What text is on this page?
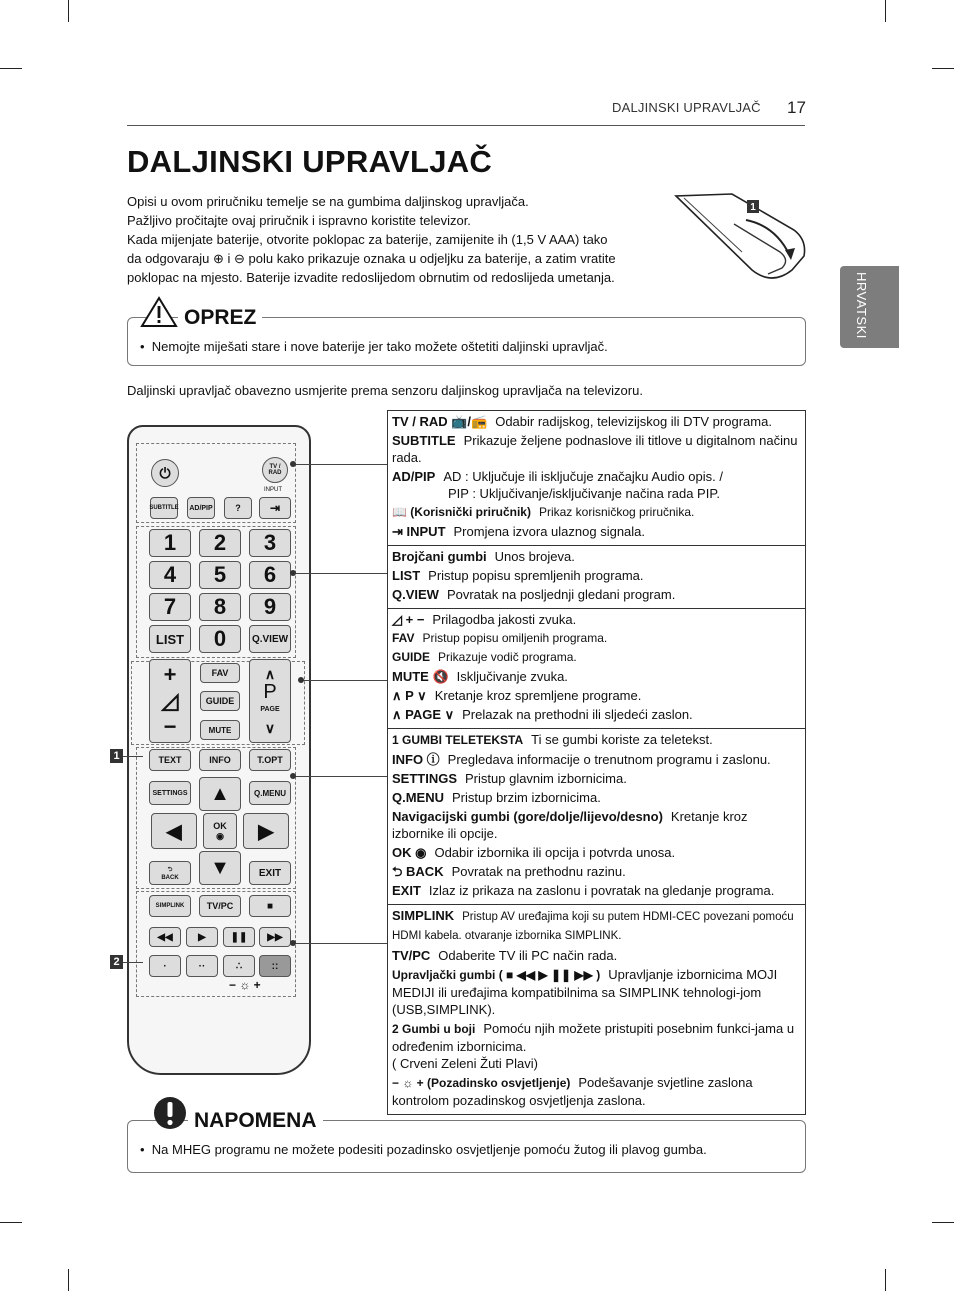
DALJINSKI UPRAVLJAČ 17
DALJINSKI UPRAVLJAČ

Opisi u ovom priručniku temelje se na gumbima daljinskog upravljača.

Pažljivo pročitajte ovaj priručnik i ispravno koristite televizor.

Kada mijenjate baterije, otvorite poklopac za baterije, zamijenite ih (1,5 V AAA) tako

da odgovaraju ⊕ i ⊖ polu kako prikazuje oznaka u odjeljku za baterije, a zatim vratite

poklopac na mjesto. Baterije izvadite redoslijedom obrnutim od redoslijeda umetanja.

1
HRVATSKI
OPREZ
•  Nemojte miješati stare i nove baterije jer tako možete oštetiti daljinski upravljač.
Daljinski upravljač obavezno usmjerite prema senzoru daljinskog upravljača na televizoru.
⏻	TV / RAD
SUBTITLE	AD/PIP	?
INPUT
⇥
1	2	3
4	5	6
7	8	9
LIST	0	Q.VIEW
+
◿
−
FAV
GUIDE
MUTE
∧

P
PAGE
∨
TEXT	INFO	T.OPT
SETTINGS	Q.MENU
▲
◀	OK
◉	▶
▼
⮌
BACK	EXIT
SIMPLINK	TV/PC	■
◀◀	▶	❚❚	▶▶
·	··	∴	::
− ☼ +
1
2
TV / RAD 📺/📻 Odabir radijskog, televizijskog ili DTV programa.
SUBTITLE Prikazuje željene podnaslove ili titlove u digitalnom načinu rada.
AD/PIP AD : Uključuje ili isključuje značajku Audio opis. /
PIP : Uključivanje/isključivanje načina rada PIP.
📖 (Korisnički priručnik) Prikaz korisničkog priručnika.
⇥ INPUT Promjena izvora ulaznog signala.

Brojčani gumbi Unos brojeva.
LIST Pristup popisu spremljenih programa.
Q.VIEW Povratak na posljednji gledani program.

◿ + − Prilagodba jakosti zvuka.
FAV Pristup popisu omiljenih programa.
GUIDE Prikazuje vodič programa.
MUTE 🔇 Isključivanje zvuka.
∧ P ∨ Kretanje kroz spremljene programe.
∧ PAGE ∨ Prelazak na prethodni ili sljedeći zaslon.

1 GUMBI TELETEKSTA Ti se gumbi koriste za teletekst.
INFO ⓘ Pregledava informacije o trenutnom programu i zaslonu.
SETTINGS Pristup glavnim izbornicima.
Q.MENU Pristup brzim izbornicima.
Navigacijski gumbi (gore/dolje/lijevo/desno) Kretanje kroz izbornike ili opcije.
OK ◉ Odabir izbornika ili opcija i potvrda unosa.
⮌ BACK Povratak na prethodnu razinu.
EXIT Izlaz iz prikaza na zaslonu i povratak na gledanje programa.

SIMPLINK Pristup AV uređajima koji su putem HDMI-CEC povezani pomoću HDMI kabela. otvaranje izbornika SIMPLINK.
TV/PC Odaberite TV ili PC način rada.
Upravljački gumbi ( ■ ◀◀ ▶ ❚❚ ▶▶ ) Upravljanje izbornicima MOJI MEDIJI ili uređajima kompatibilnima sa SIMPLINK tehnologi-jom (USB,SIMPLINK).
2 Gumbi u boji Pomoću njih možete pristupiti posebnim funkci-jama u određenim izbornicima.
( Crveni Zeleni Žuti Plavi)
− ☼ + (Pozadinsko osvjetljenje) Podešavanje svjetline zaslona kontrolom pozadinskog osvjetljenja zaslona.
NAPOMENA
•  Na MHEG programu ne možete podesiti pozadinsko osvjetljenje pomoću žutog ili plavog gumba.
